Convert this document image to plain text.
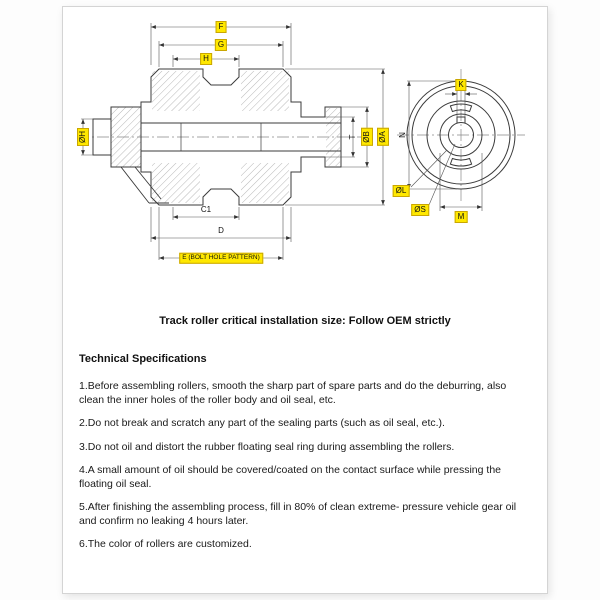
F
G
H
ØH	T ØB ØA N
C1
D
E (BOLT HOLE PATTERN)
K
ØL
ØS
M
Track roller critical installation size: Follow OEM strictly
Technical Specifications
1.Before assembling rollers, smooth the sharp part of spare parts and do the deburring, also clean the inner holes of the roller body and oil seal, etc.
2.Do not break and scratch any part of the sealing parts (such as oil seal, etc.).
3.Do not oil and distort the rubber floating seal ring during assembling the rollers.
4.A small amount of oil should be covered/coated on the contact surface while pressing the floating oil seal.
5.After finishing the assembling process, fill in 80% of clean extreme- pressure vehicle gear oil and confirm no leaking 4 hours later.
6.The color of rollers are customized.
